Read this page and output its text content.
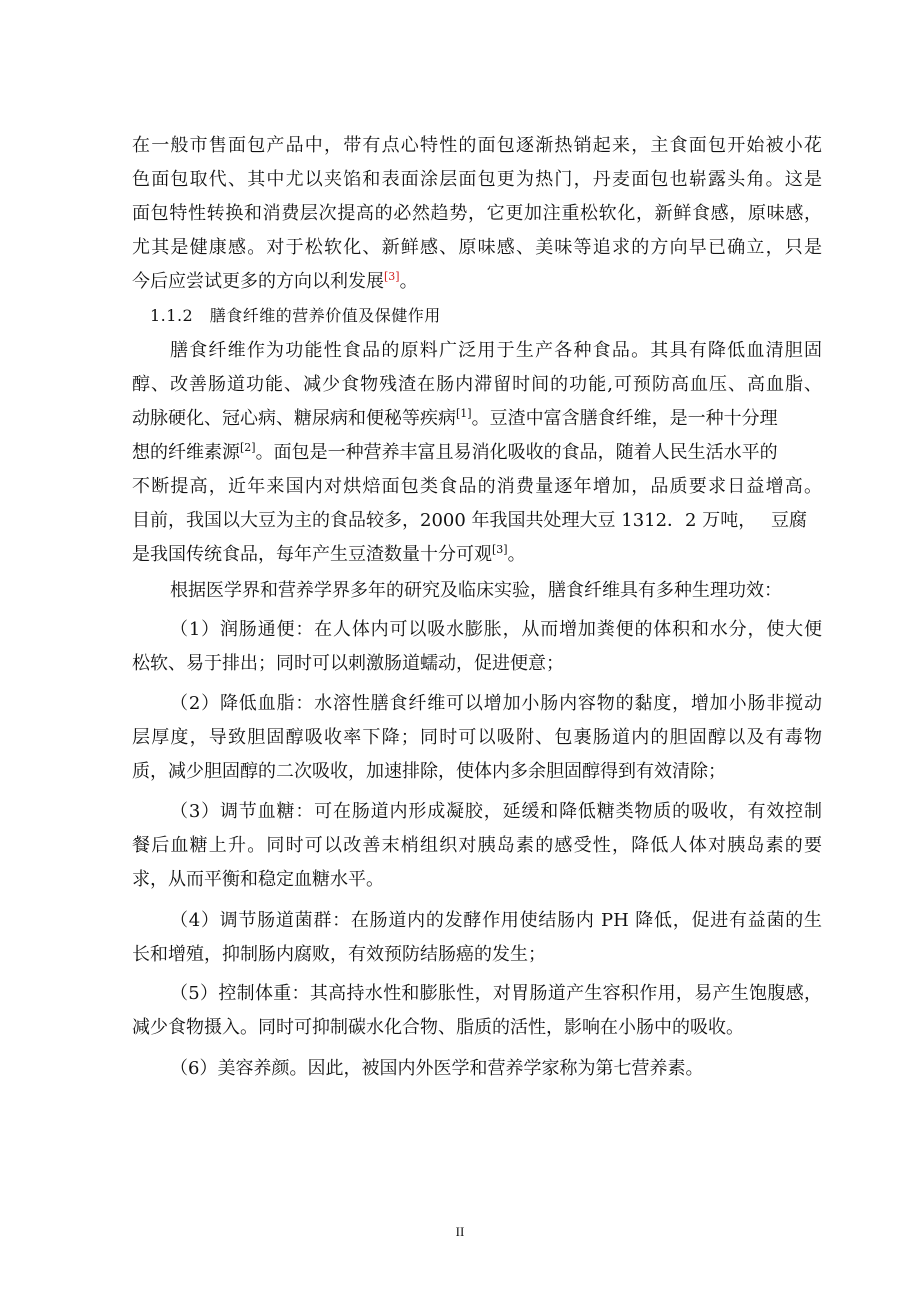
在一般市售面包产品中，带有点心特性的面包逐渐热销起来，主食面包开始被小花
色面包取代、其中尤以夹馅和表面涂层面包更为热门，丹麦面包也崭露头角。这是
面包特性转换和消费层次提高的必然趋势，它更加注重松软化，新鲜食感，原味感，
尤其是健康感。对于松软化、新鲜感、原味感、美味等追求的方向早已确立，只是
今后应尝试更多的方向以利发展[3]。
1.1.2　膳食纤维的营养价值及保健作用
膳食纤维作为功能性食品的原料广泛用于生产各种食品。其具有降低血清胆固
醇、改善肠道功能、减少食物残渣在肠内滞留时间的功能,可预防高血压、高血脂、
动脉硬化、冠心病、糖尿病和便秘等疾病[1]。豆渣中富含膳食纤维，是一种十分理
想的纤维素源[2]。面包是一种营养丰富且易消化吸收的食品，随着人民生活水平的
不断提高，近年来国内对烘焙面包类食品的消费量逐年增加，品质要求日益增高。
目前，我国以大豆为主的食品较多，2000 年我国共处理大豆 1312．2 万吨，　 豆腐
是我国传统食品，每年产生豆渣数量十分可观[3]。
根据医学界和营养学界多年的研究及临床实验，膳食纤维具有多种生理功效：
（1）润肠通便：在人体内可以吸水膨胀，从而增加粪便的体积和水分，使大便
松软、易于排出；同时可以刺激肠道蠕动，促进便意；
（2）降低血脂：水溶性膳食纤维可以增加小肠内容物的黏度，增加小肠非搅动
层厚度，导致胆固醇吸收率下降；同时可以吸附、包裹肠道内的胆固醇以及有毒物
质，减少胆固醇的二次吸收，加速排除，使体内多余胆固醇得到有效清除；
（3）调节血糖：可在肠道内形成凝胶，延缓和降低糖类物质的吸收，有效控制
餐后血糖上升。同时可以改善末梢组织对胰岛素的感受性，降低人体对胰岛素的要
求，从而平衡和稳定血糖水平。
（4）调节肠道菌群：在肠道内的发酵作用使结肠内 PH 降低，促进有益菌的生
长和增殖，抑制肠内腐败，有效预防结肠癌的发生；
（5）控制体重：其高持水性和膨胀性，对胃肠道产生容积作用，易产生饱腹感，
减少食物摄入。同时可抑制碳水化合物、脂质的活性，影响在小肠中的吸收。
（6）美容养颜。因此，被国内外医学和营养学家称为第七营养素。
II
